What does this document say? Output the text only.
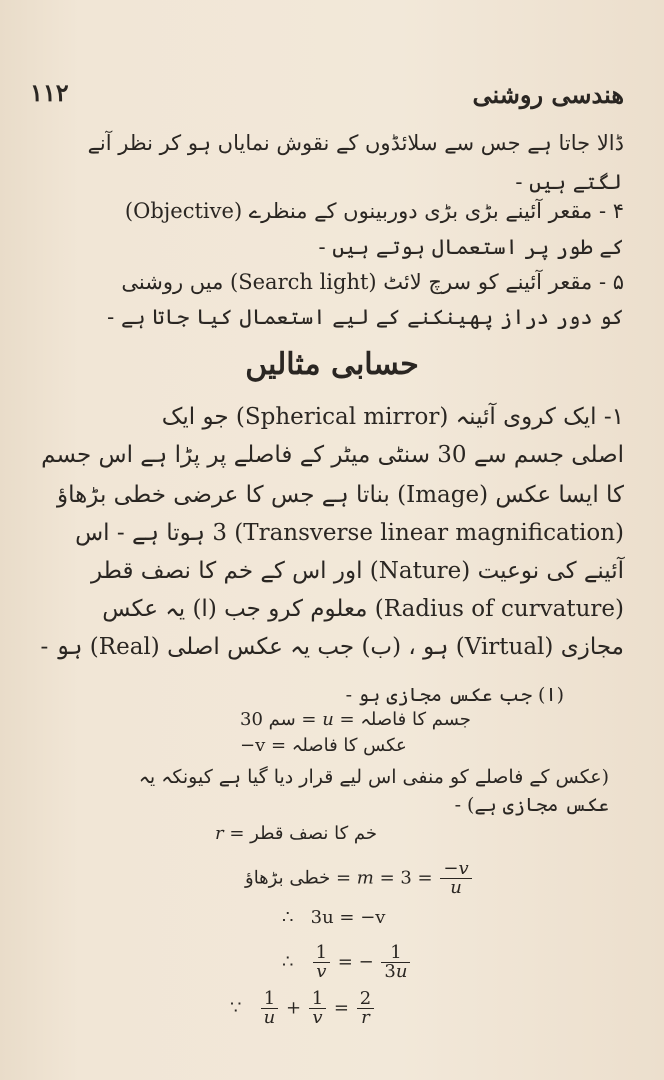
۱۱۲	ھندسی روشنی
ڈالا جاتا ہے جس سے سلائڈوں کے نقوش نمایاں ہو کر نظر آنے
لگتے ہیں -
۴ - مقعر آئینے بڑی بڑی دوربینوں کے منظرے (Objective)
کے طور پر استعمال ہوتے ہیں -
۵ - مقعر آئینے کو سرچ لائٹ (Search light) میں روشنی
کو دور دراز پھینکنے کے لیے استعمال کیا جاتا ہے -
حسابی مثالیں
۱- ایک کروی آئینہ (Spherical mirror) جو ایک
اصلی جسم سے 30 سنٹی میٹر کے فاصلے پر پڑا ہے اس جسم
کا ایسا عکس (Image) بناتا ہے جس کا عرضی خطی بڑھاؤ
(Transverse linear magnification) 3 ہوتا ہے - اس
آئینے کی نوعیت (Nature) اور اس کے خم کا نصف قطر
(Radius of curvature) معلوم کرو جب (ا) یہ عکس
مجازی (Virtual) ہو ، (ب) جب یہ عکس اصلی (Real) ہو -
(ا) جب عکس مجازی ہو -
30 سم = u = جسم کا فاصلہ
−v = عکس کا فاصلہ
(عکس کے فاصلے کو منفی اس لیے قرار دیا گیا ہے کیونکہ یہ
عکس مجازی ہے) -
r = خم کا نصف قطر
خطی بڑھاؤ = $m = 3 = \frac{-v}{u}$
∴ 3u = −v
∴ $\frac{1}{v}$ = − $\frac{1}{3u}$
∵ $\frac{1}{u} + \frac{1}{v} = \frac{2}{r}$
